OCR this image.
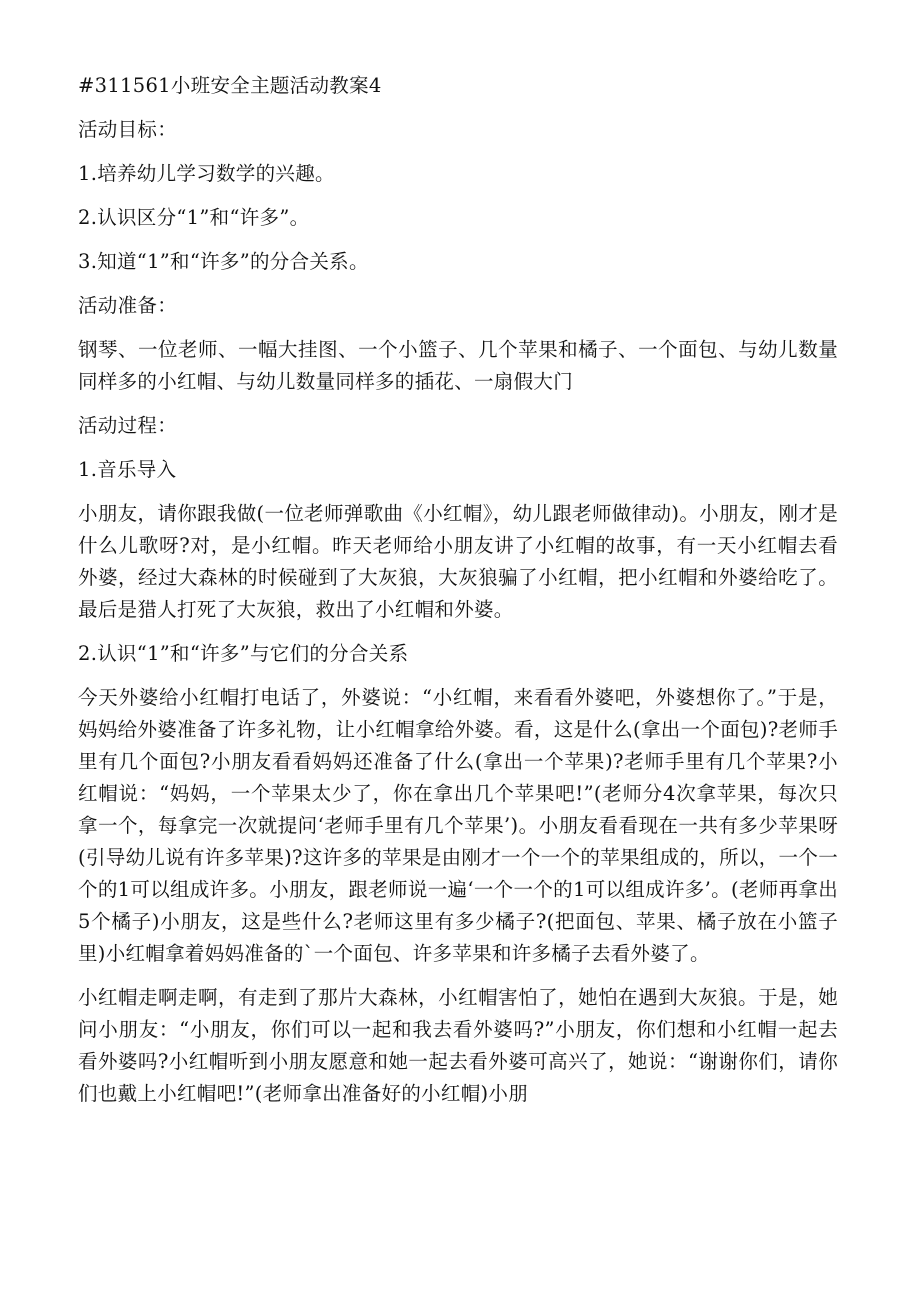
#311561小班安全主题活动教案4

活动目标：

1.培养幼儿学习数学的兴趣。

2.认识区分“1”和“许多”。

3.知道“1”和“许多”的分合关系。

活动准备：

钢琴、一位老师、一幅大挂图、一个小篮子、几个苹果和橘子、一个面包、与幼儿数量同样多的小红帽、与幼儿数量同样多的插花、一扇假大门

活动过程：

1.音乐导入

小朋友，请你跟我做(一位老师弹歌曲《小红帽》，幼儿跟老师做律动)。小朋友，刚才是什么儿歌呀?对，是小红帽。昨天老师给小朋友讲了小红帽的故事，有一天小红帽去看外婆，经过大森林的时候碰到了大灰狼，大灰狼骗了小红帽，把小红帽和外婆给吃了。最后是猎人打死了大灰狼，救出了小红帽和外婆。

2.认识“1”和“许多”与它们的分合关系

今天外婆给小红帽打电话了，外婆说：“小红帽，来看看外婆吧，外婆想你了。”于是，妈妈给外婆准备了许多礼物，让小红帽拿给外婆。看，这是什么(拿出一个面包)?老师手里有几个面包?小朋友看看妈妈还准备了什么(拿出一个苹果)?老师手里有几个苹果?小红帽说：“妈妈，一个苹果太少了，你在拿出几个苹果吧!”(老师分4次拿苹果，每次只拿一个，每拿完一次就提问‘老师手里有几个苹果’)。小朋友看看现在一共有多少苹果呀(引导幼儿说有许多苹果)?这许多的苹果是由刚才一个一个的苹果组成的，所以，一个一个的1可以组成许多。小朋友，跟老师说一遍‘一个一个的1可以组成许多’。(老师再拿出5个橘子)小朋友，这是些什么?老师这里有多少橘子?(把面包、苹果、橘子放在小篮子里)小红帽拿着妈妈准备的`一个面包、许多苹果和许多橘子去看外婆了。

小红帽走啊走啊，有走到了那片大森林，小红帽害怕了，她怕在遇到大灰狼。于是，她问小朋友：“小朋友，你们可以一起和我去看外婆吗?”小朋友，你们想和小红帽一起去看外婆吗?小红帽听到小朋友愿意和她一起去看外婆可高兴了，她说：“谢谢你们，请你们也戴上小红帽吧!”(老师拿出准备好的小红帽)小朋
